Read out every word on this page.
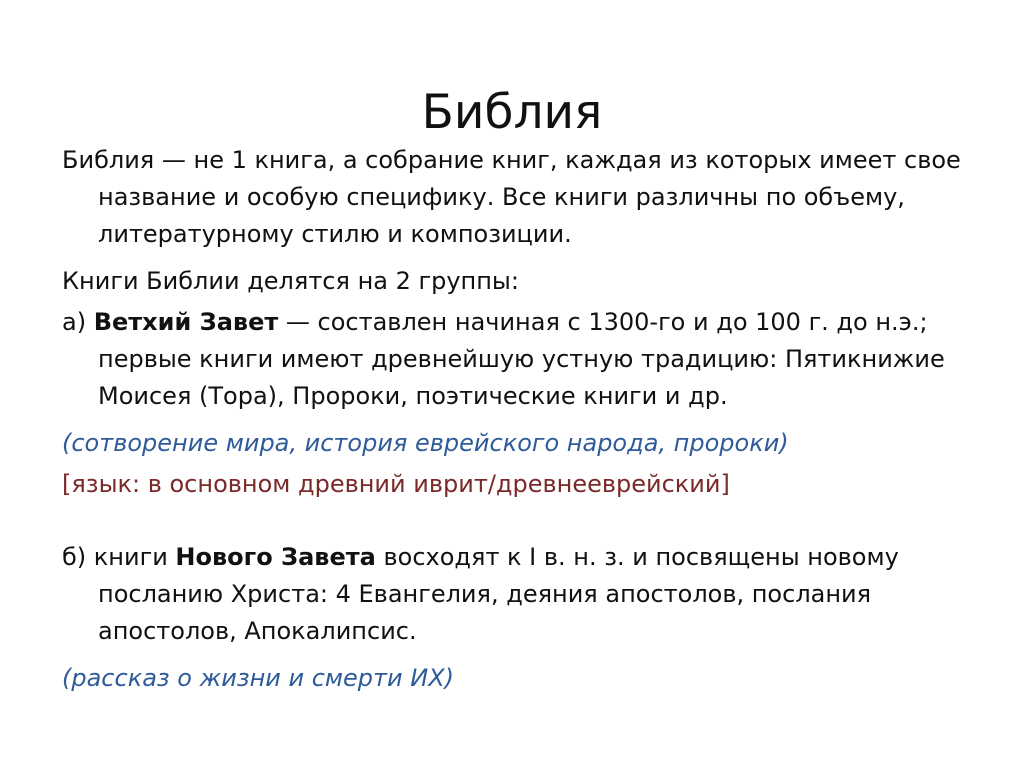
Библия

Библия — не 1 книга, а собрание книг, каждая из которых имеет свое название и особую специфику. Все книги различны по объему, литературному стилю и композиции.

Книги Библии делятся на 2 группы:

а) Ветхий Завет — составлен начиная с 1300-го и до 100 г. до н.э.; первые книги имеют древнейшую устную традицию: Пятикнижие Моисея (Тора), Пророки, поэтические книги и др.

(сотворение мира, история еврейского народа, пророки)

[язык: в основном древний иврит/древнееврейский]

б) книги Нового Завета восходят к I в. н. з. и посвящены новому посланию Христа: 4 Евангелия, деяния апостолов, послания апостолов, Апокалипсис.

(рассказ о жизни и смерти ИХ)
